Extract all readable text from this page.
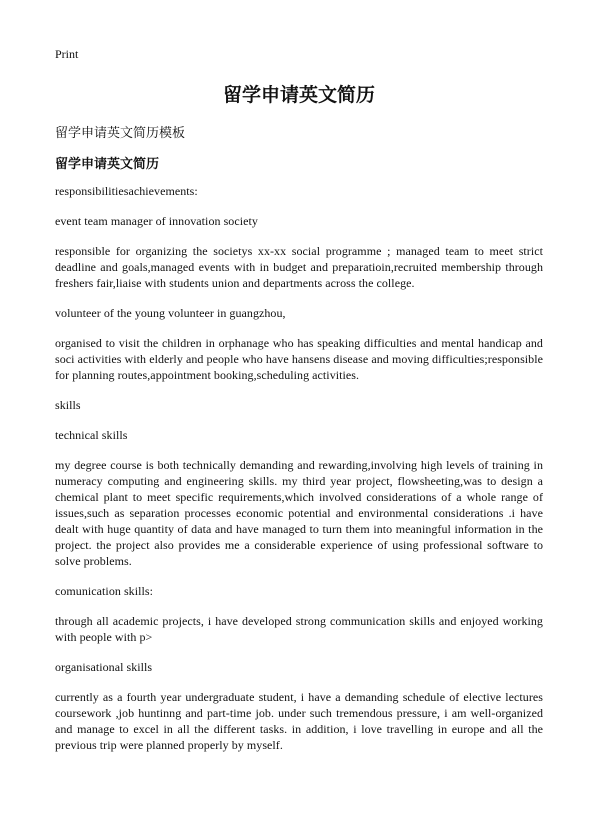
Print
留学申请英文简历

留学申请英文简历模板

留学申请英文简历

responsibilitiesachievements:

event team manager of innovation society

responsible for organizing the societys xx-xx social programme ; managed team to meet strict deadline and goals,managed events with in budget and preparatioin,recruited membership through freshers fair,liaise with students union and departments across the college.

volunteer of the young volunteer in guangzhou,

organised to visit the children in orphanage who has speaking difficulties and mental handicap and soci activities with elderly and people who have hansens disease and moving difficulties;responsible for planning routes,appointment booking,scheduling activities.

skills

technical skills

my degree course is both technically demanding and rewarding,involving high levels of training in numeracy computing and engineering skills. my third year project, flowsheeting,was to design a chemical plant to meet specific requirements,which involved considerations of a whole range of issues,such as separation processes economic potential and environmental considerations .i have dealt with huge quantity of data and have managed to turn them into meaningful information in the project. the project also provides me a considerable experience of using professional software to solve problems.

comunication skills:

through all academic projects, i have developed strong communication skills and enjoyed working with people with p>

organisational skills

currently as a fourth year undergraduate student, i have a demanding schedule of elective lectures coursework ,job huntinng and part-time job. under such tremendous pressure, i am well-organized and manage to excel in all the different tasks. in addition, i love travelling in europe and all the previous trip were planned properly by myself.
